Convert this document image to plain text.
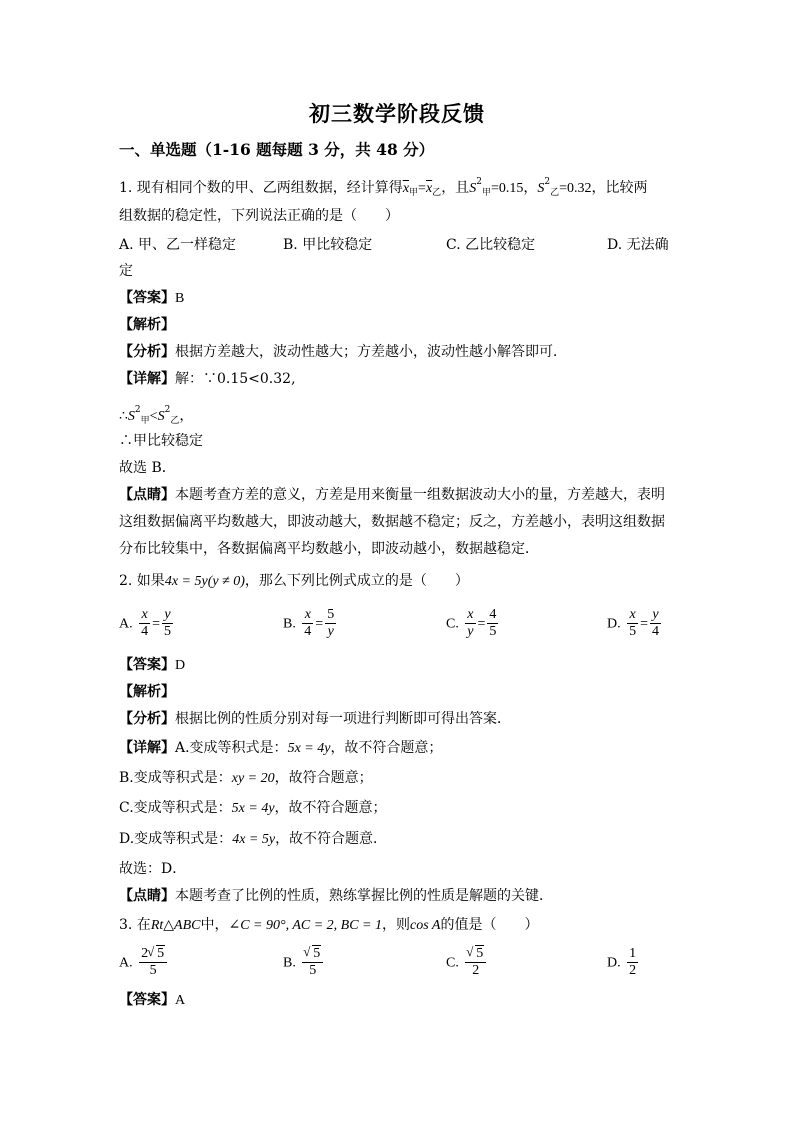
初三数学阶段反馈
一、单选题（1-16 题每题 3 分，共 48 分）
1. 现有相同个数的甲、乙两组数据，经计算得$\overline{x}_甲=\overline{x}_乙$，且$S^2_甲=0.15$，$S^2_乙=0.32$，比较两
组数据的稳定性，下列说法正确的是（　　）
A. 甲、乙一样稳定	B. 甲比较稳定	C. 乙比较稳定	D. 无法确
定
【答案】B
【解析】
【分析】根据方差越大，波动性越大；方差越小，波动性越小解答即可．
【详解】解：∵0.15<0.32,
$\therefore S^2_甲<S^2_乙$，
∴甲比较稳定
故选 B．
【点睛】本题考查方差的意义，方差是用来衡量一组数据波动大小的量，方差越大，表明
这组数据偏离平均数越大，即波动越大，数据越不稳定；反之，方差越小，表明这组数据
分布比较集中，各数据偏离平均数越小，即波动越小，数据越稳定．
2. 如果4x = 5y(y ≠ 0)，那么下列比例式成立的是（　　）
A. $\frac{x}{4} = \frac{y}{5}$	B. $\frac{x}{4} = \frac{5}{y}$	C. $\frac{x}{y} = \frac{4}{5}$	D. $\frac{x}{5} = \frac{y}{4}$
【答案】D
【解析】
【分析】根据比例的性质分别对每一项进行判断即可得出答案．
【详解】A.变成等积式是：5x = 4y，故不符合题意；
B.变成等积式是：xy = 20，故符合题意；
C.变成等积式是：5x = 4y，故不符合题意；
D.变成等积式是：4x = 5y，故不符合题意．
故选：D．
【点睛】本题考查了比例的性质，熟练掌握比例的性质是解题的关键．
3. 在Rt△ABC中，∠C = 90°, AC = 2, BC = 1，则cos A的值是（　　）
A. $\frac{2 √ 5}{5}$	B. √ $\frac{5}{5}$	C. √ $\frac{5}{2}$	D. $\frac{1}{2}$
【答案】A
